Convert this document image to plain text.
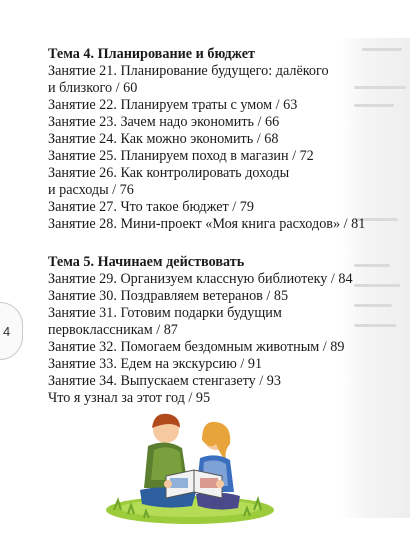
4

Тема 4. Планирование и бюджет

Занятие 21. Планирование будущего: далёкого

и близкого / 60

Занятие 22. Планируем траты с умом / 63

Занятие 23. Зачем надо экономить / 66

Занятие 24. Как можно экономить / 68

Занятие 25. Планируем поход в магазин / 72

Занятие 26. Как контролировать доходы

и расходы / 76

Занятие 27. Что такое бюджет / 79

Занятие 28. Мини-проект «Моя книга расходов» / 81

Тема 5. Начинаем действовать

Занятие 29. Организуем классную библиотеку / 84

Занятие 30. Поздравляем ветеранов / 85

Занятие 31. Готовим подарки будущим

первоклассникам / 87

Занятие 32. Помогаем бездомным животным / 89

Занятие 33. Едем на экскурсию / 91

Занятие 34. Выпускаем стенгазету / 93

Что я узнал за этот год / 95
